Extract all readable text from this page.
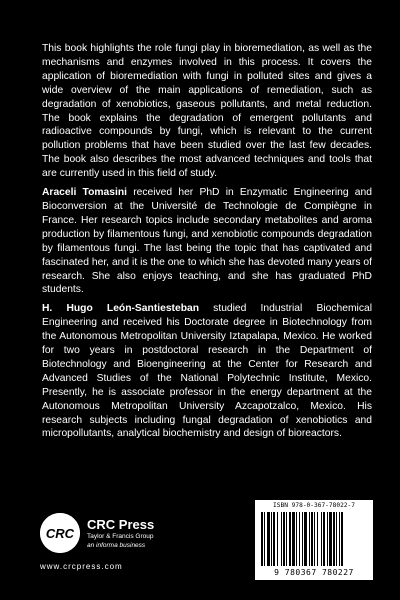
This book highlights the role fungi play in bioremediation, as well as the mechanisms and enzymes involved in this process. It covers the application of bioremediation with fungi in polluted sites and gives a wide overview of the main applications of remediation, such as degradation of xenobiotics, gaseous pollutants, and metal reduction. The book explains the degradation of emergent pollutants and radioactive compounds by fungi, which is relevant to the current pollution problems that have been studied over the last few decades. The book also describes the most advanced techniques and tools that are currently used in this field of study.

Araceli Tomasini received her PhD in Enzymatic Engineering and Bioconversion at the Université de Technologie de Compiègne in France. Her research topics include secondary metabolites and aroma production by filamentous fungi, and xenobiotic compounds degradation by filamentous fungi. The last being the topic that has captivated and fascinated her, and it is the one to which she has devoted many years of research. She also enjoys teaching, and she has graduated PhD students.

H. Hugo León-Santiesteban studied Industrial Biochemical Engineering and received his Doctorate degree in Biotechnology from the Autonomous Metropolitan University Iztapalapa, Mexico. He worked for two years in postdoctoral research in the Department of Biotechnology and Bioengineering at the Center for Research and Advanced Studies of the National Polytechnic Institute, Mexico. Presently, he is associate professor in the energy department at the Autonomous Metropolitan University Azcapotzalco, Mexico. His research subjects including fungal degradation of xenobiotics and micropollutants, analytical biochemistry and design of bioreactors.

CRC
CRC Press
Taylor & Francis Group
an informa business
www.crcpress.com
ISBN 978-0-367-78022-7
9 780367 780227
